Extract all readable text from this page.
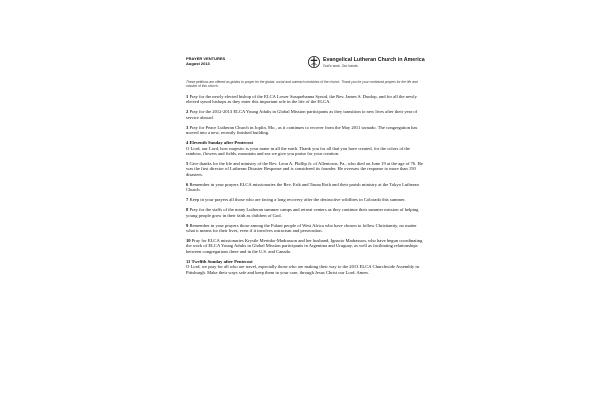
PRAYER VENTURES
August 2013
Evangelical Lutheran Church in America
God's work. Our hands.
These petitions are offered as guides to prayer for the global, social and outreach ministries of the church. Thank you for your continued prayers for the life and mission of this church.
1 Pray for the newly elected bishop of the ELCA Lower Susquehanna Synod, the Rev. James S. Dunlop, and for all the newly elected synod bishops as they enter this important role in the life of the ELCA.
2 Pray for the 2012-2013 ELCA Young Adults in Global Mission participants as they transition to new lives after their year of service abroad.
3 Pray for Peace Lutheran Church in Joplin, Mo., as it continues to recover from the May 2011 tornado. The congregation has moved into a new, recently finished building.
4 Eleventh Sunday after Pentecost
O Lord, our Lord, how majestic is your name in all the earth. Thank you for all that you have created, for the colors of the rainbow, flowers and fields, mountain and sea we give you praise for your creation.
5 Give thanks for the life and ministry of the Rev. Leon A. Phillip Jr. of Allentown, Pa., who died on June 19 at the age of 76. He was the first director of Lutheran Disaster Response and is considered its founder. He oversaw the response to more than 150 disasters.
6 Remember in your prayers ELCA missionaries the Rev. Erik and Tauna Roth and their parish ministry at the Tokyo Lutheran Church.
7 Keep in your prayers all those who are facing a long recovery after the destructive wildfires in Colorado this summer.
8 Pray for the staffs of the many Lutheran summer camps and retreat centers as they continue their summer mission of helping young people grow in their faith as children of God.
9 Remember in your prayers those among the Fulani people of West Africa who have chosen to follow Christianity, no matter what it means for their lives, even if it involves ostracism and persecution.
10 Pray for ELCA missionaries Krystle Merinko-Madrasson and her husband, Ignacio Madrasson, who have begun coordinating the work of ELCA Young Adults in Global Mission participants in Argentina and Uruguay, as well as facilitating relationships between congregations there and in the U.S. and Canada.
11 Twelfth Sunday after Pentecost
O Lord, we pray for all who are travel, especially those who are making their way to the 2013 ELCA Churchwide Assembly in Pittsburgh. Make their ways safe and keep them in your care, through Jesus Christ our Lord. Amen.
